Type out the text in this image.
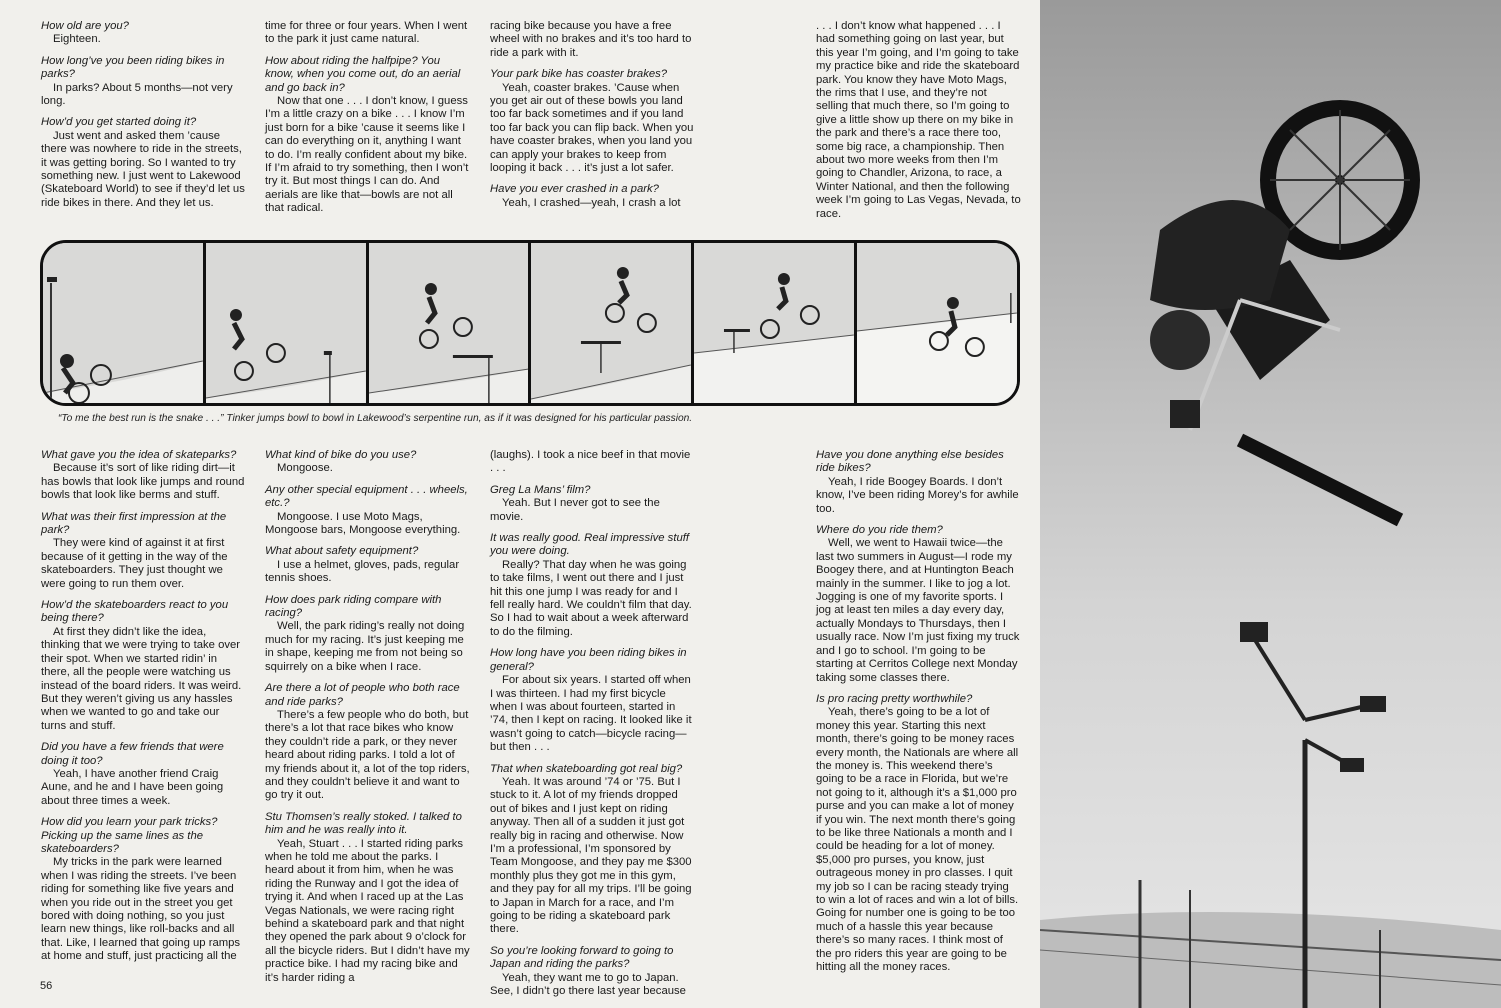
How old are you?
Eighteen.
How long’ve you been riding bikes in parks?
In parks? About 5 months—not very long.
How’d you get started doing it?
Just went and asked them ’cause there was nowhere to ride in the streets, it was getting boring. So I wanted to try something new. I just went to Lakewood (Skateboard World) to see if they’d let us ride bikes in there. And they let us.
time for three or four years. When I went to the park it just came natural.
How about riding the halfpipe? You know, when you come out, do an aerial and go back in?
Now that one . . . I don’t know, I guess I’m a little crazy on a bike . . . I know I’m just born for a bike ’cause it seems like I can do everything on it, anything I want to do. I’m really confident about my bike. If I’m afraid to try something, then I won’t try it. But most things I can do. And aerials are like that—bowls are not all that radical.
racing bike because you have a free wheel with no brakes and it’s too hard to ride a park with it.
Your park bike has coaster brakes?
Yeah, coaster brakes. ’Cause when you get air out of these bowls you land too far back sometimes and if you land too far back you can flip back. When you have coaster brakes, when you land you can apply your brakes to keep from looping it back . . . it’s just a lot safer.
Have you ever crashed in a park?
Yeah, I crashed—yeah, I crash a lot
. . . I don’t know what happened . . . I had something going on last year, but this year I’m going, and I’m going to take my practice bike and ride the skateboard park. You know they have Moto Mags, the rims that I use, and they’re not selling that much there, so I’m going to give a little show up there on my bike in the park and there’s a race there too, some big race, a championship. Then about two more weeks from then I’m going to Chandler, Arizona, to race, a Winter National, and then the following week I’m going to Las Vegas, Nevada, to race.
“To me the best run is the snake . . .” Tinker jumps bowl to bowl in Lakewood’s serpentine run, as if it was designed for his particular passion.
What gave you the idea of skateparks?
Because it’s sort of like riding dirt—it has bowls that look like jumps and round bowls that look like berms and stuff.
What was their first impression at the park?
They were kind of against it at first because of it getting in the way of the skateboarders. They just thought we were going to run them over.
How’d the skateboarders react to you being there?
At first they didn’t like the idea, thinking that we were trying to take over their spot. When we started ridin’ in there, all the people were watching us instead of the board riders. It was weird. But they weren’t giving us any hassles when we wanted to go and take our turns and stuff.
Did you have a few friends that were doing it too?
Yeah, I have another friend Craig Aune, and he and I have been going about three times a week.
How did you learn your park tricks? Picking up the same lines as the skateboarders?
My tricks in the park were learned when I was riding the streets. I’ve been riding for something like five years and when you ride out in the street you get bored with doing nothing, so you just learn new things, like roll-backs and all that. Like, I learned that going up ramps at home and stuff, just practicing all the
What kind of bike do you use?
Mongoose.
Any other special equipment . . . wheels, etc.?
Mongoose. I use Moto Mags, Mongoose bars, Mongoose everything.
What about safety equipment?
I use a helmet, gloves, pads, regular tennis shoes.
How does park riding compare with racing?
Well, the park riding’s really not doing much for my racing. It’s just keeping me in shape, keeping me from not being so squirrely on a bike when I race.
Are there a lot of people who both race and ride parks?
There’s a few people who do both, but there’s a lot that race bikes who know they couldn’t ride a park, or they never heard about riding parks. I told a lot of my friends about it, a lot of the top riders, and they couldn’t believe it and want to go try it out.
Stu Thomsen’s really stoked. I talked to him and he was really into it.
Yeah, Stuart . . . I started riding parks when he told me about the parks. I heard about it from him, when he was riding the Runway and I got the idea of trying it. And when I raced up at the Las Vegas Nationals, we were racing right behind a skateboard park and that night they opened the park about 9 o’clock for all the bicycle riders. But I didn’t have my practice bike. I had my racing bike and it’s harder riding a
(laughs). I took a nice beef in that movie . . .
Greg La Mans’ film?
Yeah. But I never got to see the movie.
It was really good. Real impressive stuff you were doing.
Really? That day when he was going to take films, I went out there and I just hit this one jump I was ready for and I fell really hard. We couldn’t film that day. So I had to wait about a week afterward to do the filming.
How long have you been riding bikes in general?
For about six years. I started off when I was thirteen. I had my first bicycle when I was about fourteen, started in ’74, then I kept on racing. It looked like it wasn’t going to catch—bicycle racing—but then . . .
That when skateboarding got real big?
Yeah. It was around ’74 or ’75. But I stuck to it. A lot of my friends dropped out of bikes and I just kept on riding anyway. Then all of a sudden it just got really big in racing and otherwise. Now I’m a professional, I’m sponsored by Team Mongoose, and they pay me $300 monthly plus they got me in this gym, and they pay for all my trips. I’ll be going to Japan in March for a race, and I’m going to be riding a skateboard park there.
So you’re looking forward to going to Japan and riding the parks?
Yeah, they want me to go to Japan. See, I didn’t go there last year because
Have you done anything else besides ride bikes?
Yeah, I ride Boogey Boards. I don’t know, I’ve been riding Morey’s for awhile too.
Where do you ride them?
Well, we went to Hawaii twice—the last two summers in August—I rode my Boogey there, and at Huntington Beach mainly in the summer. I like to jog a lot. Jogging is one of my favorite sports. I jog at least ten miles a day every day, actually Mondays to Thursdays, then I usually race. Now I’m just fixing my truck and I go to school. I’m going to be starting at Cerritos College next Monday taking some classes there.
Is pro racing pretty worthwhile?
Yeah, there’s going to be a lot of money this year. Starting this next month, there’s going to be money races every month, the Nationals are where all the money is. This weekend there’s going to be a race in Florida, but we’re not going to it, although it’s a $1,000 pro purse and you can make a lot of money if you win. The next month there’s going to be like three Nationals a month and I could be heading for a lot of money. $5,000 pro purses, you know, just outrageous money in pro classes. I quit my job so I can be racing steady trying to win a lot of races and win a lot of bills. Going for number one is going to be too much of a hassle this year because there’s so many races. I think most of the pro riders this year are going to be hitting all the money races.
56
